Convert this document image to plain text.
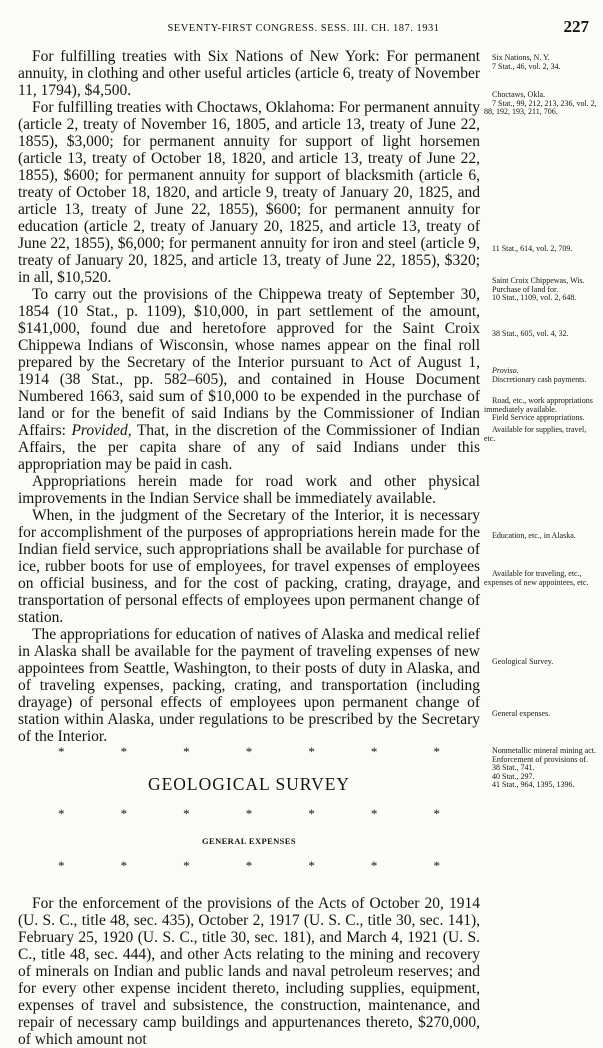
SEVENTY-FIRST CONGRESS. SESS. III. CH. 187. 1931	227

For fulfilling treaties with Six Nations of New York: For permanent annuity, in clothing and other useful articles (article 6, treaty of November 11, 1794), $4,500.

For fulfilling treaties with Choctaws, Oklahoma: For permanent annuity (article 2, treaty of November 16, 1805, and article 13, treaty of June 22, 1855), $3,000; for permanent annuity for support of light horsemen (article 13, treaty of October 18, 1820, and article 13, treaty of June 22, 1855), $600; for permanent annuity for support of blacksmith (article 6, treaty of October 18, 1820, and article 9, treaty of January 20, 1825, and article 13, treaty of June 22, 1855), $600; for permanent annuity for education (article 2, treaty of January 20, 1825, and article 13, treaty of June 22, 1855), $6,000; for permanent annuity for iron and steel (article 9, treaty of January 20, 1825, and article 13, treaty of June 22, 1855), $320; in all, $10,520.

To carry out the provisions of the Chippewa treaty of September 30, 1854 (10 Stat., p. 1109), $10,000, in part settlement of the amount, $141,000, found due and heretofore approved for the Saint Croix Chippewa Indians of Wisconsin, whose names appear on the final roll prepared by the Secretary of the Interior pursuant to Act of August 1, 1914 (38 Stat., pp. 582–605), and contained in House Document Numbered 1663, said sum of $10,000 to be expended in the purchase of land or for the benefit of said Indians by the Commissioner of Indian Affairs: Provided, That, in the discretion of the Commissioner of Indian Affairs, the per capita share of any of said Indians under this appropriation may be paid in cash.

Appropriations herein made for road work and other physical improvements in the Indian Service shall be immediately available.

When, in the judgment of the Secretary of the Interior, it is necessary for accomplishment of the purposes of appropriations herein made for the Indian field service, such appropriations shall be available for purchase of ice, rubber boots for use of employees, for travel expenses of employees on official business, and for the cost of packing, crating, drayage, and transportation of personal effects of employees upon permanent change of station.

The appropriations for education of natives of Alaska and medical relief in Alaska shall be available for the payment of traveling expenses of new appointees from Seattle, Washington, to their posts of duty in Alaska, and of traveling expenses, packing, crating, and transportation (including drayage) of personal effects of employees upon permanent change of station within Alaska, under regulations to be prescribed by the Secretary of the Interior.

*	*	*	*	*	*	*
GEOLOGICAL SURVEY
*	*	*	*	*	*	*
GENERAL EXPENSES
*	*	*	*	*	*	*

For the enforcement of the provisions of the Acts of October 20, 1914 (U. S. C., title 48, sec. 435), October 2, 1917 (U. S. C., title 30, sec. 141), February 25, 1920 (U. S. C., title 30, sec. 181), and March 4, 1921 (U. S. C., title 48, sec. 444), and other Acts relating to the mining and recovery of minerals on Indian and public lands and naval petroleum reserves; and for every other expense incident thereto, including supplies, equipment, expenses of travel and subsistence, the construction, maintenance, and repair of necessary camp buildings and appurtenances thereto, $270,000, of which amount not

Six Nations, N. Y.
7 Stat., 46, vol. 2, 34.
Choctaws, Okla.
7 Stat., 99, 212, 213, 236, vol. 2, 88, 192, 193, 211, 706.
11 Stat., 614, vol. 2, 709.
Saint Croix Chippewas, Wis.
Purchase of land for.
10 Stat., 1109, vol. 2, 648.
38 Stat., 605, vol. 4, 32.
Proviso.
Discretionary cash payments.
Road, etc., work appropriations immediately available.
Field Service appropriations.
Available for supplies, travel, etc.
Education, etc., in Alaska.
Available for traveling, etc., expenses of new appointees, etc.
Geological Survey.
General expenses.
Nonmetallic mineral mining act.
Enforcement of provisions of.
38 Stat., 741.
40 Stat., 297.
41 Stat., 964, 1395, 1396.
